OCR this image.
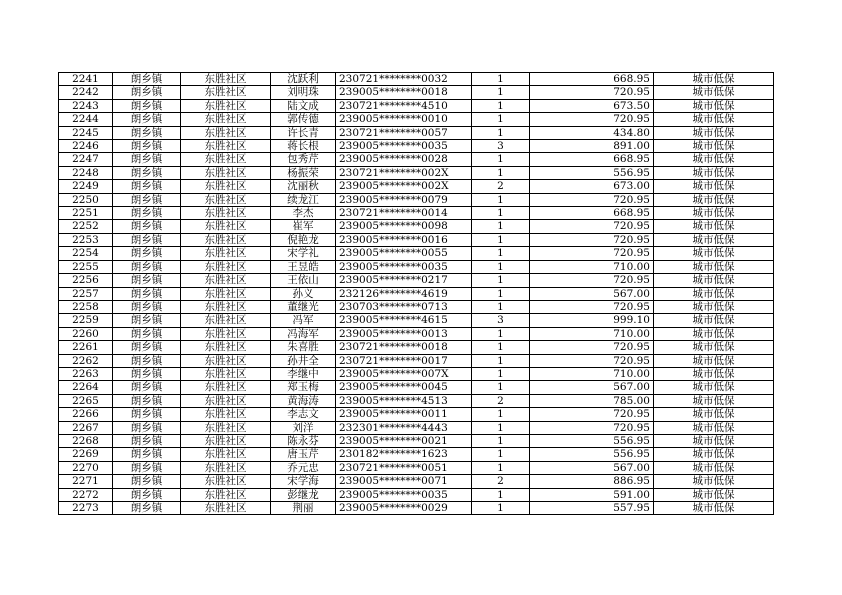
2241	朗乡镇	东胜社区	沈跃利	230721********0032	1	668.95	城市低保
2242	朗乡镇	东胜社区	刘明珠	239005********0018	1	720.95	城市低保
2243	朗乡镇	东胜社区	陆文成	230721********4510	1	673.50	城市低保
2244	朗乡镇	东胜社区	郭传德	239005********0010	1	720.95	城市低保
2245	朗乡镇	东胜社区	许长青	230721********0057	1	434.80	城市低保
2246	朗乡镇	东胜社区	蒋长根	239005********0035	3	891.00	城市低保
2247	朗乡镇	东胜社区	包秀芹	239005********0028	1	668.95	城市低保
2248	朗乡镇	东胜社区	杨振荣	230721********002X	1	556.95	城市低保
2249	朗乡镇	东胜社区	沈丽秋	239005********002X	2	673.00	城市低保
2250	朗乡镇	东胜社区	续龙江	239005********0079	1	720.95	城市低保
2251	朗乡镇	东胜社区	李杰	230721********0014	1	668.95	城市低保
2252	朗乡镇	东胜社区	崔军	239005********0098	1	720.95	城市低保
2253	朗乡镇	东胜社区	倪艳龙	239005********0016	1	720.95	城市低保
2254	朗乡镇	东胜社区	宋学礼	239005********0055	1	720.95	城市低保
2255	朗乡镇	东胜社区	王昱皓	239005********0035	1	710.00	城市低保
2256	朗乡镇	东胜社区	王依山	239005********0217	1	720.95	城市低保
2257	朗乡镇	东胜社区	孙义	232126********4619	1	567.00	城市低保
2258	朗乡镇	东胜社区	董继光	230703********0713	1	720.95	城市低保
2259	朗乡镇	东胜社区	冯军	239005********4615	3	999.10	城市低保
2260	朗乡镇	东胜社区	冯海军	239005********0013	1	710.00	城市低保
2261	朗乡镇	东胜社区	朱喜胜	230721********0018	1	720.95	城市低保
2262	朗乡镇	东胜社区	孙井全	230721********0017	1	720.95	城市低保
2263	朗乡镇	东胜社区	李继中	239005********007X	1	710.00	城市低保
2264	朗乡镇	东胜社区	郑玉梅	239005********0045	1	567.00	城市低保
2265	朗乡镇	东胜社区	黄海涛	239005********4513	2	785.00	城市低保
2266	朗乡镇	东胜社区	李志文	239005********0011	1	720.95	城市低保
2267	朗乡镇	东胜社区	刘洋	232301********4443	1	720.95	城市低保
2268	朗乡镇	东胜社区	陈永芬	239005********0021	1	556.95	城市低保
2269	朗乡镇	东胜社区	唐玉芹	230182********1623	1	556.95	城市低保
2270	朗乡镇	东胜社区	乔元忠	230721********0051	1	567.00	城市低保
2271	朗乡镇	东胜社区	宋学海	239005********0071	2	886.95	城市低保
2272	朗乡镇	东胜社区	彭继龙	239005********0035	1	591.00	城市低保
2273	朗乡镇	东胜社区	荆丽	239005********0029	1	557.95	城市低保
